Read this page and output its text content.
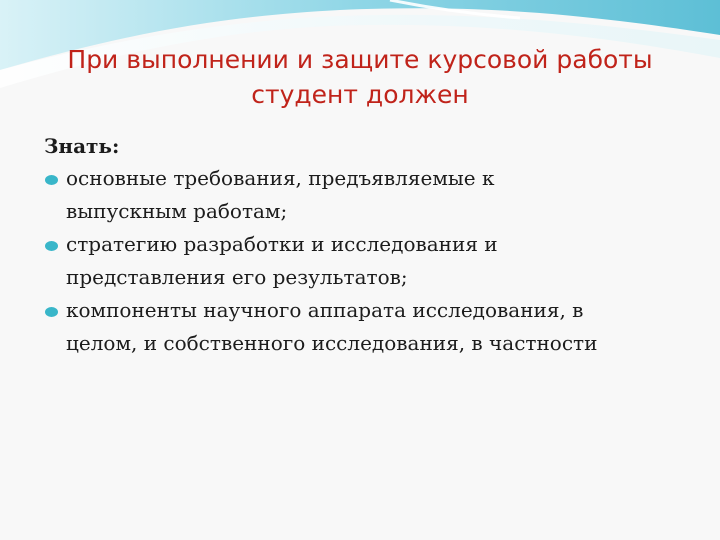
При выполнении и защите курсовой работы
студент должен

Знать:

основные требования, предъявляемые к
выпускным работам;
стратегию разработки и исследования и
представления его результатов;
компоненты научного аппарата исследования, в
целом, и собственного исследования, в частности
